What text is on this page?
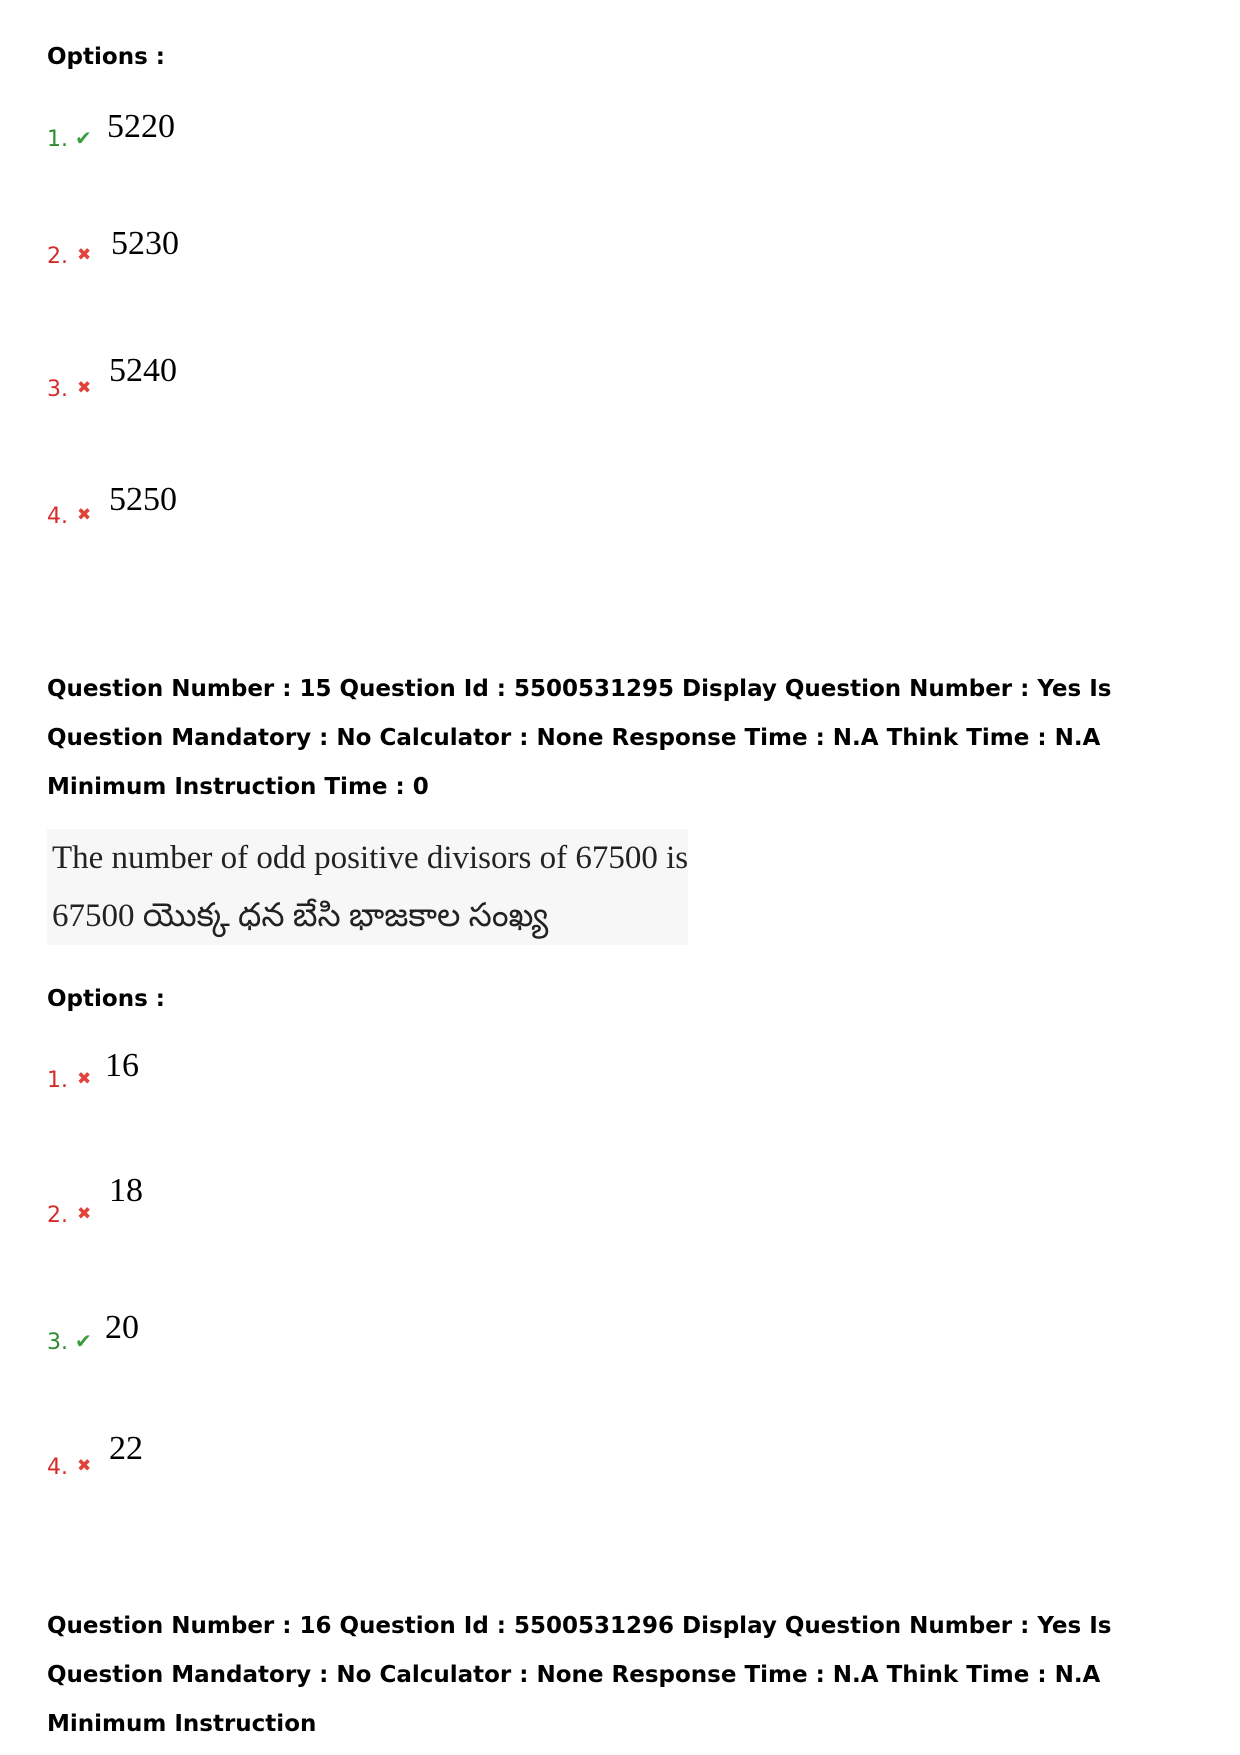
Options :
1. ✔ 5220
2. ✖ 5230
3. ✖ 5240
4. ✖ 5250
Question Number : 15 Question Id : 5500531295 Display Question Number : Yes Is Question Mandatory : No Calculator : None Response Time : N.A Think Time : N.A Minimum Instruction Time : 0
The number of odd positive divisors of 67500 is
67500 యొక్క ధన బేసి భాజకాల సంఖ్య
Options :
1. ✖ 16
2. ✖
18
3. ✔ 20
4. ✖ 22
Question Number : 16 Question Id : 5500531296 Display Question Number : Yes Is Question Mandatory : No Calculator : None Response Time : N.A Think Time : N.A Minimum Instruction
